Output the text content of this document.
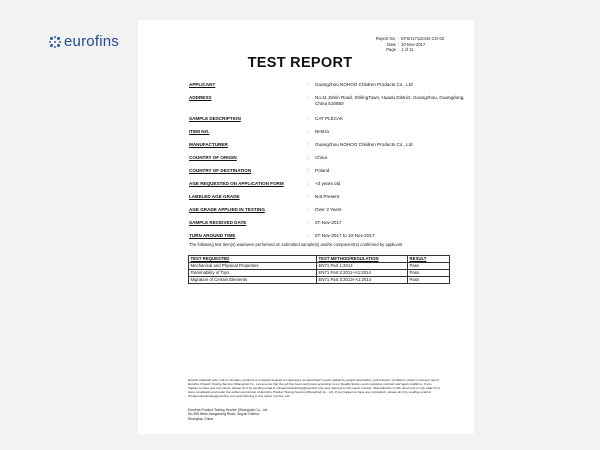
eurofins	Report No. : EFSH17110442-CG-02
Date : 10-Nov-2017
Page : 1 of 11
TEST REPORT
APPLICANT	: Guangzhou NOHOO Children Products Co., Ltd
ADDRESS	: No.11 Zebin Road, ShilingTown, Huadu District, Guangzhou, Guangdong, China 510850
SAMPLE DESCRIPTION	: CAT PLECAK
ITEM NO.	: NH041
MANUFACTURER	: Guangzhou NOHOO Children Products Co., Ltd
COUNTRY OF ORIGIN	: China
COUNTRY OF DESTINATION	: Poland
AGE REQUESTED ON APPLICATION FORM	: +3 years old
LABELED AGE GRADE	: Not Present
AGE GRADE APPLIED IN TESTING	: Over 3 Years
SAMPLE RECEIVED DATE	: 07-Nov-2017
TURN AROUND TIME	: 07-Nov-2017 to 10-Nov-2017
The following test item(s) was/were performed on submitted sample(s) and/or component(s) confirmed by applicant
TEST REQUESTED	TEST METHOD/REGULATION	RESULT
Mechanical and Physical Properties	EN71 Part 1:2014	Pass
Flammability of Toys	EN71 Part 2:2011+A1:2014	Pass
Migration of Certain Elements	EN71 Part 3:2013+A1:2014	Pass
Results obtained refer only to samples, products or material received in Laboratory, as described in point related to sample description, and tested in conditions shown in present report. Eurofins Product Testing Service (Shanghai) Co., Ltd assume that the job has been performed according to our Quality System and complying contract and legal conditions. If you happen to have any comments, please do it by sending email to chinaproducttesting@eurofins.com and referring to this report number. Reproduction of this document is only valid if it is done completely and under the written permission of Eurofins Product Testing Service (Shanghai) Co., Ltd. If you happen to have any complaints, please do it by sending email to chinaproducttesting@eurofins.com and referring to this report number. Ltd
Eurofins Product Testing Service (Shanghai) Co., Ltd
No.395 West Jiangchang Road, Jing'an District,
Shanghai, China
